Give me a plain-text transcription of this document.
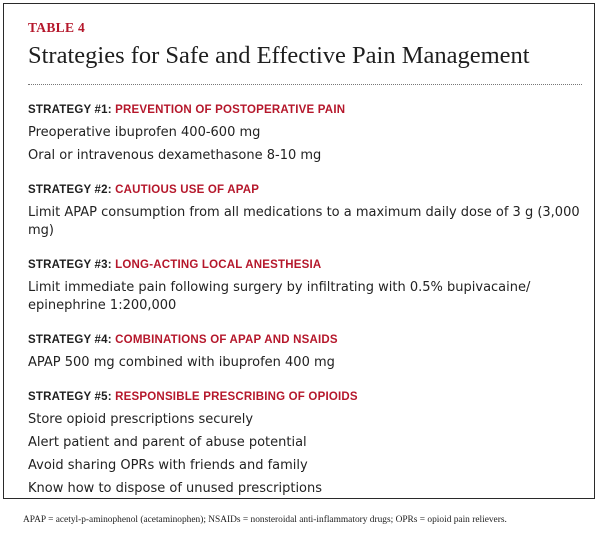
TABLE 4
Strategies for Safe and Effective Pain Management
STRATEGY #1: PREVENTION OF POSTOPERATIVE PAIN
Preoperative ibuprofen 400-600 mg
Oral or intravenous dexamethasone 8-10 mg
STRATEGY #2: CAUTIOUS USE OF APAP
Limit APAP consumption from all medications to a maximum daily dose of 3 g (3,000 mg)
STRATEGY #3: LONG-ACTING LOCAL ANESTHESIA
Limit immediate pain following surgery by infiltrating with 0.5% bupivacaine/ epinephrine 1:200,000
STRATEGY #4: COMBINATIONS OF APAP AND NSAIDS
APAP 500 mg combined with ibuprofen 400 mg
STRATEGY #5: RESPONSIBLE PRESCRIBING OF OPIOIDS
Store opioid prescriptions securely
Alert patient and parent of abuse potential
Avoid sharing OPRs with friends and family
Know how to dispose of unused prescriptions
APAP = acetyl-p-aminophenol (acetaminophen); NSAIDs = nonsteroidal anti-inflammatory drugs; OPRs = opioid pain relievers.
